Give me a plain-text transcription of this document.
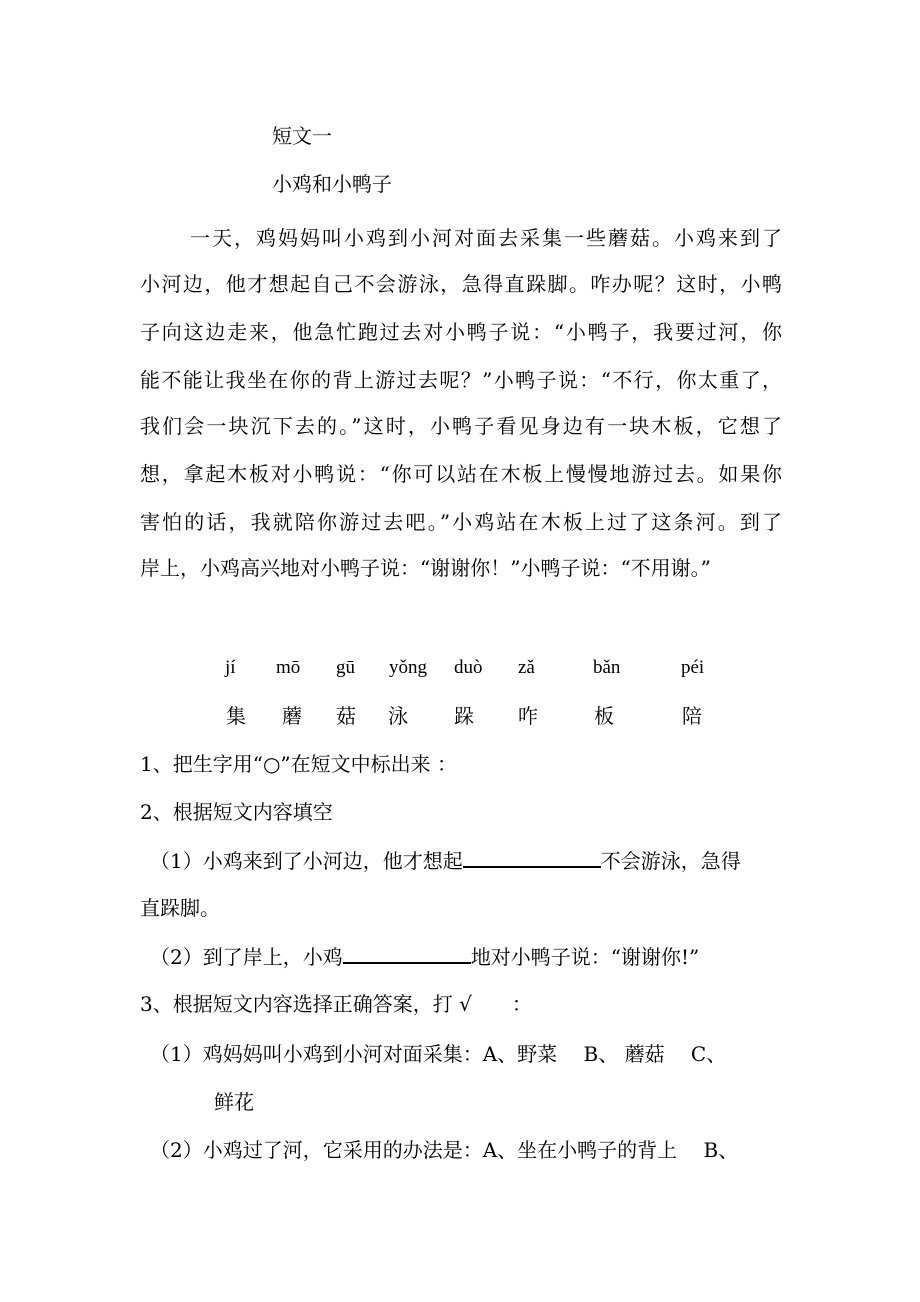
短文一
小鸡和小鸭子
一天，鸡妈妈叫小鸡到小河对面去采集一些蘑菇。小鸡来到了
小河边，他才想起自己不会游泳，急得直跺脚。咋办呢？这时，小鸭
子向这边走来，他急忙跑过去对小鸭子说：“小鸭子，我要过河，你
能不能让我坐在你的背上游过去呢？”小鸭子说：“不行，你太重了，
我们会一块沉下去的。”这时，小鸭子看见身边有一块木板，它想了
想，拿起木板对小鸭说：“你可以站在木板上慢慢地游过去。如果你
害怕的话，我就陪你游过去吧。”小鸡站在木板上过了这条河。到了
岸上，小鸡高兴地对小鸭子说：“谢谢你！”小鸭子说：“不用谢。”
jí mō gū yǒng duò zǎ	bǎn	péi
集 蘑 菇 泳 跺 咋	板	陪
1、把生字用“○”在短文中标出来 ：
2、根据短文内容填空
（1）小鸡来到了小河边，他才想起	不会游泳，急得
直跺脚。
（2）到了岸上，小鸡	地对小鸭子说：“谢谢你!”
3、根据短文内容选择正确答案，打 √　　：
（1）鸡妈妈叫小鸡到小河对面采集：A、野菜　 B、 蘑菇　 C、
鲜花
（2）小鸡过了河，它采用的办法是：A、坐在小鸭子的背上　 B、
